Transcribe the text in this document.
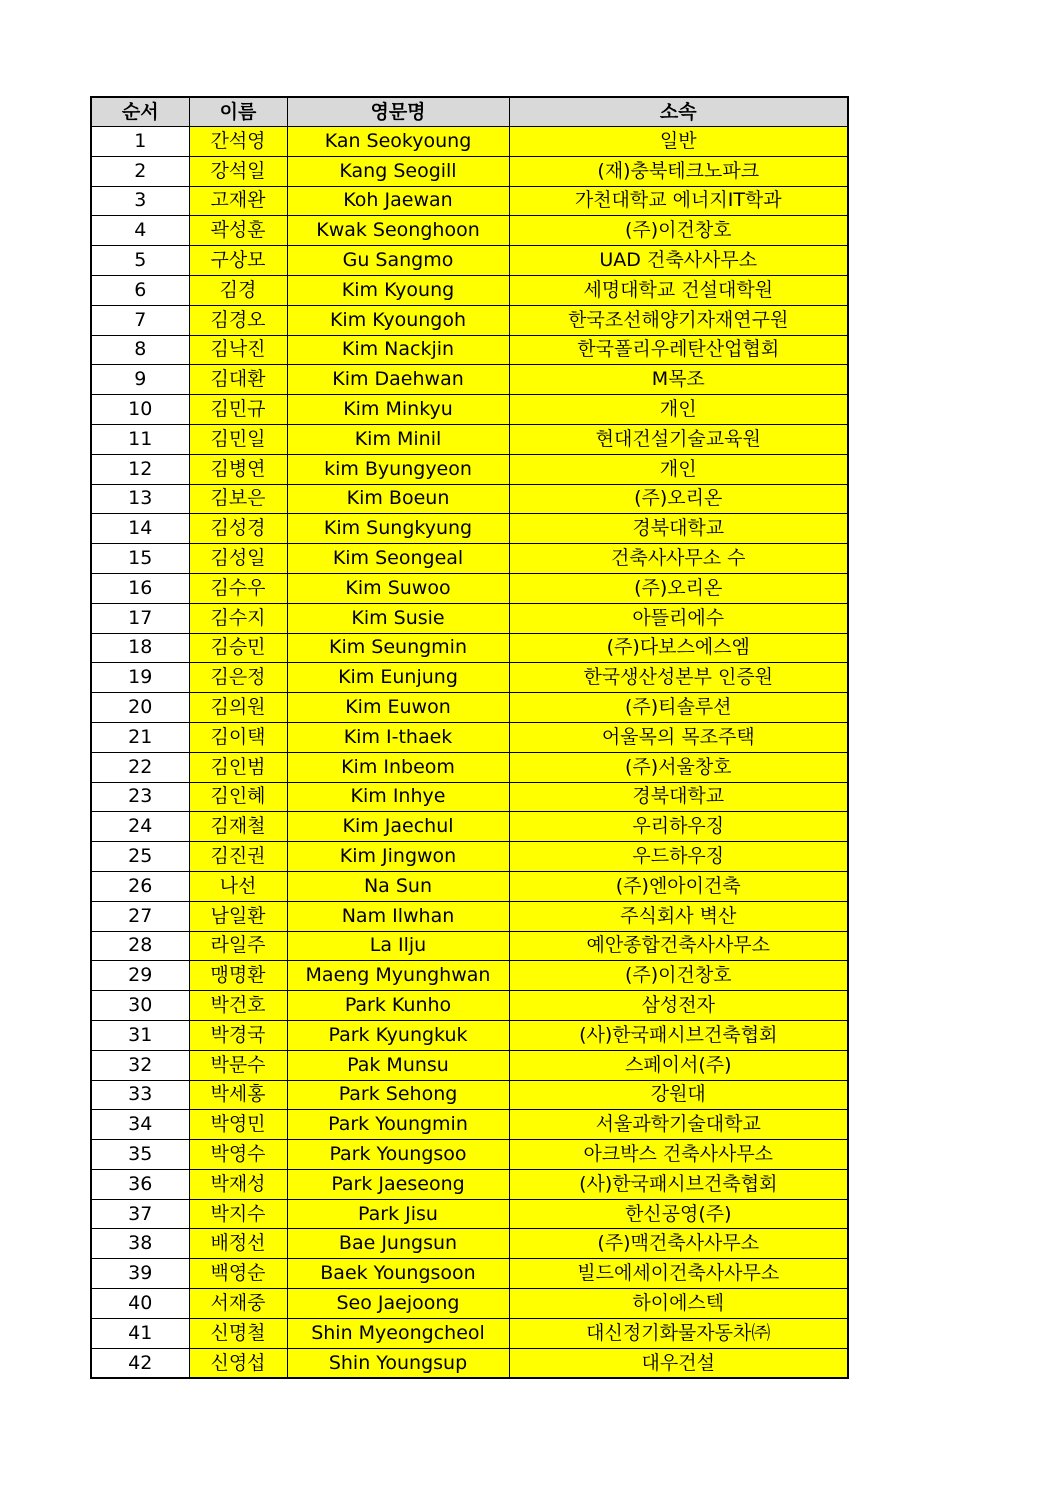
순서	이름	영문명	소속
1	간석영	Kan Seokyoung	일반
2	강석일	Kang Seogill	(재)충북테크노파크
3	고재완	Koh Jaewan	가천대학교 에너지IT학과
4	곽성훈	Kwak Seonghoon	(주)이건창호
5	구상모	Gu Sangmo	UAD 건축사사무소
6	김경	Kim Kyoung	세명대학교 건설대학원
7	김경오	Kim Kyoungoh	한국조선해양기자재연구원
8	김낙진	Kim Nackjin	한국폴리우레탄산업협회
9	김대환	Kim Daehwan	M목조
10	김민규	Kim Minkyu	개인
11	김민일	Kim Minil	현대건설기술교육원
12	김병연	kim Byungyeon	개인
13	김보은	Kim Boeun	(주)오리온
14	김성경	Kim Sungkyung	경북대학교
15	김성일	Kim Seongeal	건축사사무소 수
16	김수우	Kim Suwoo	(주)오리온
17	김수지	Kim Susie	아뜰리에수
18	김승민	Kim Seungmin	(주)다보스에스엠
19	김은정	Kim Eunjung	한국생산성본부 인증원
20	김의원	Kim Euwon	(주)티솔루션
21	김이택	Kim I-thaek	어울목의 목조주택
22	김인범	Kim Inbeom	(주)서울창호
23	김인혜	Kim Inhye	경북대학교
24	김재철	Kim Jaechul	우리하우징
25	김진권	Kim Jingwon	우드하우징
26	나선	Na Sun	(주)엔아이건축
27	남일환	Nam Ilwhan	주식회사 벽산
28	라일주	La Ilju	예안종합건축사사무소
29	맹명환	Maeng Myunghwan	(주)이건창호
30	박건호	Park Kunho	삼성전자
31	박경국	Park Kyungkuk	(사)한국패시브건축협회
32	박문수	Pak Munsu	스페이서(주)
33	박세홍	Park Sehong	강원대
34	박영민	Park Youngmin	서울과학기술대학교
35	박영수	Park Youngsoo	아크박스 건축사사무소
36	박재성	Park Jaeseong	(사)한국패시브건축협회
37	박지수	Park Jisu	한신공영(주)
38	배정선	Bae Jungsun	(주)맥건축사사무소
39	백영순	Baek Youngsoon	빌드에세이건축사사무소
40	서재중	Seo Jaejoong	하이에스텍
41	신명철	Shin Myeongcheol	대신정기화물자동차㈜
42	신영섭	Shin Youngsup	대우건설
